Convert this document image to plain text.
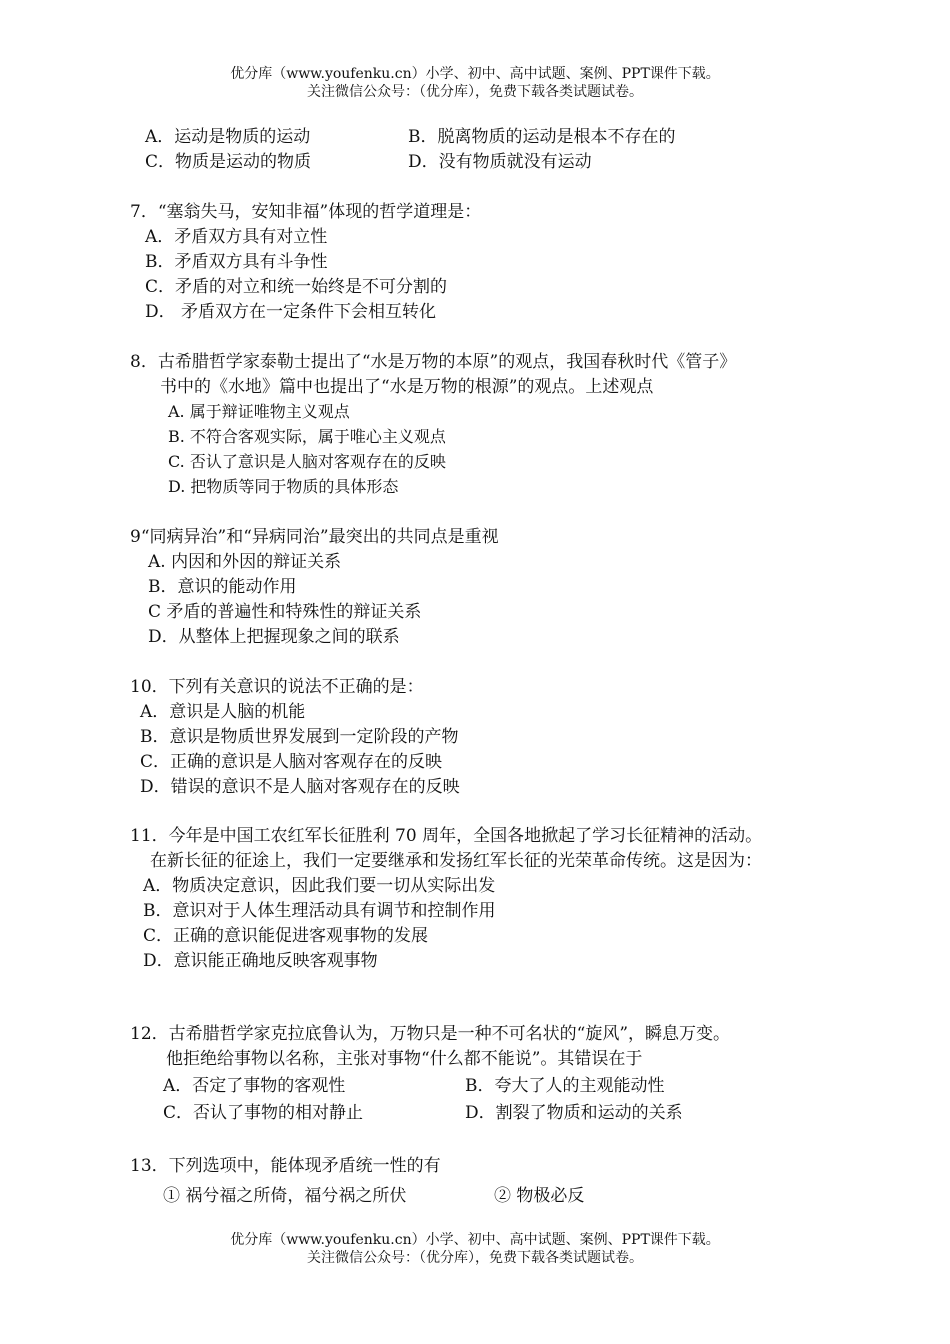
优分库（www.youfenku.cn）小学、初中、高中试题、案例、PPT课件下载。
关注微信公众号：（优分库），免费下载各类试题试卷。
A．运动是物质的运动	B．脱离物质的运动是根本不存在的
C．物质是运动的物质	D．没有物质就没有运动
7．“塞翁失马，安知非福”体现的哲学道理是：
A．矛盾双方具有对立性
B．矛盾双方具有斗争性
C．矛盾的对立和统一始终是不可分割的
D． 矛盾双方在一定条件下会相互转化
8．古希腊哲学家泰勒士提出了“水是万物的本原”的观点，我国春秋时代《管子》
书中的《水地》篇中也提出了“水是万物的根源”的观点。上述观点
A. 属于辩证唯物主义观点
B. 不符合客观实际，属于唯心主义观点
C. 否认了意识是人脑对客观存在的反映
D. 把物质等同于物质的具体形态
9“同病异治”和“异病同治”最突出的共同点是重视
A. 内因和外因的辩证关系
B．意识的能动作用
C 矛盾的普遍性和特殊性的辩证关系
D．从整体上把握现象之间的联系
10．下列有关意识的说法不正确的是：
A．意识是人脑的机能
B．意识是物质世界发展到一定阶段的产物
C．正确的意识是人脑对客观存在的反映
D．错误的意识不是人脑对客观存在的反映
11．今年是中国工农红军长征胜利 70 周年，全国各地掀起了学习长征精神的活动。
在新长征的征途上，我们一定要继承和发扬红军长征的光荣革命传统。这是因为：
A．物质决定意识，因此我们要一切从实际出发
B．意识对于人体生理活动具有调节和控制作用
C．正确的意识能促进客观事物的发展
D．意识能正确地反映客观事物
12．古希腊哲学家克拉底鲁认为，万物只是一种不可名状的“旋风”，瞬息万变。
他拒绝给事物以名称，主张对事物“什么都不能说”。其错误在于
A．否定了事物的客观性	B．夸大了人的主观能动性
C．否认了事物的相对静止	D．割裂了物质和运动的关系
13．下列选项中，能体现矛盾统一性的有
① 祸兮福之所倚，福兮祸之所伏	② 物极必反
优分库（www.youfenku.cn）小学、初中、高中试题、案例、PPT课件下载。
关注微信公众号：（优分库），免费下载各类试题试卷。
